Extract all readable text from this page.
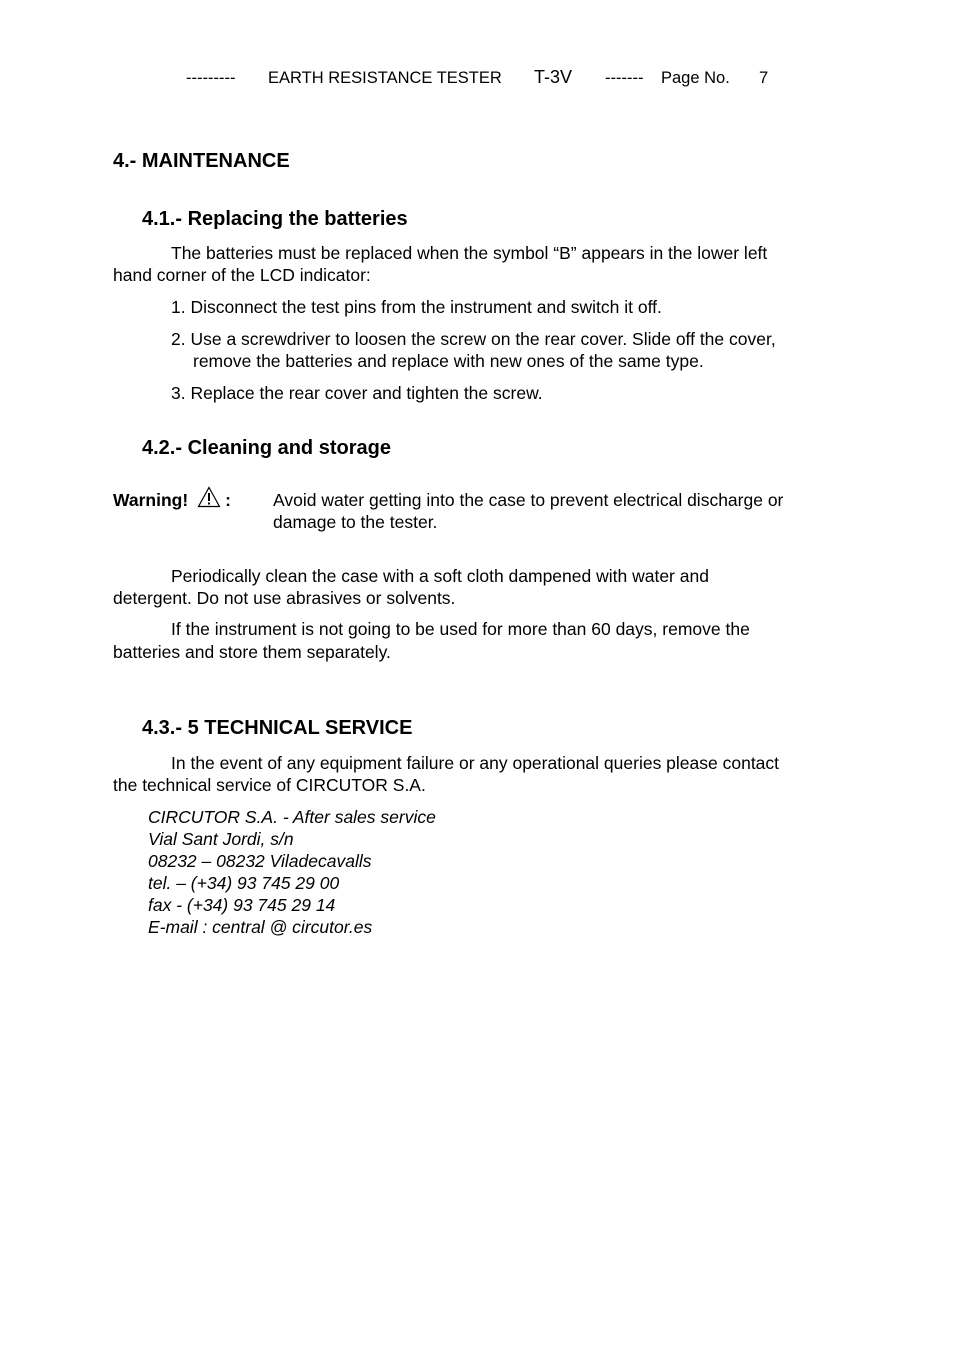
--------- EARTH RESISTANCE TESTER T-3V ------- Page No. 7
4.- MAINTENANCE
4.1.- Replacing the batteries
The batteries must be replaced when the symbol “B” appears in the lower left
hand corner of the LCD indicator:
1. Disconnect the test pins from the instrument and switch it off.
2. Use a screwdriver to loosen the screw on the rear cover. Slide off the cover,
remove the batteries and replace with new ones of the same type.
3. Replace the rear cover and tighten the screw.
4.2.- Cleaning and storage
Warning! : Avoid water getting into the case to prevent electrical discharge or
damage to the tester.
Periodically clean the case with a soft cloth dampened with water and
detergent. Do not use abrasives or solvents.
If the instrument is not going to be used for more than 60 days, remove the
batteries and store them separately.
4.3.- 5 TECHNICAL SERVICE
In the event of any equipment failure or any operational queries please contact
the technical service of CIRCUTOR S.A.
CIRCUTOR S.A. - After sales service
Vial Sant Jordi, s/n
08232 – 08232 Viladecavalls
tel. – (+34) 93 745 29 00
fax - (+34) 93 745 29 14
E-mail : central @ circutor.es
